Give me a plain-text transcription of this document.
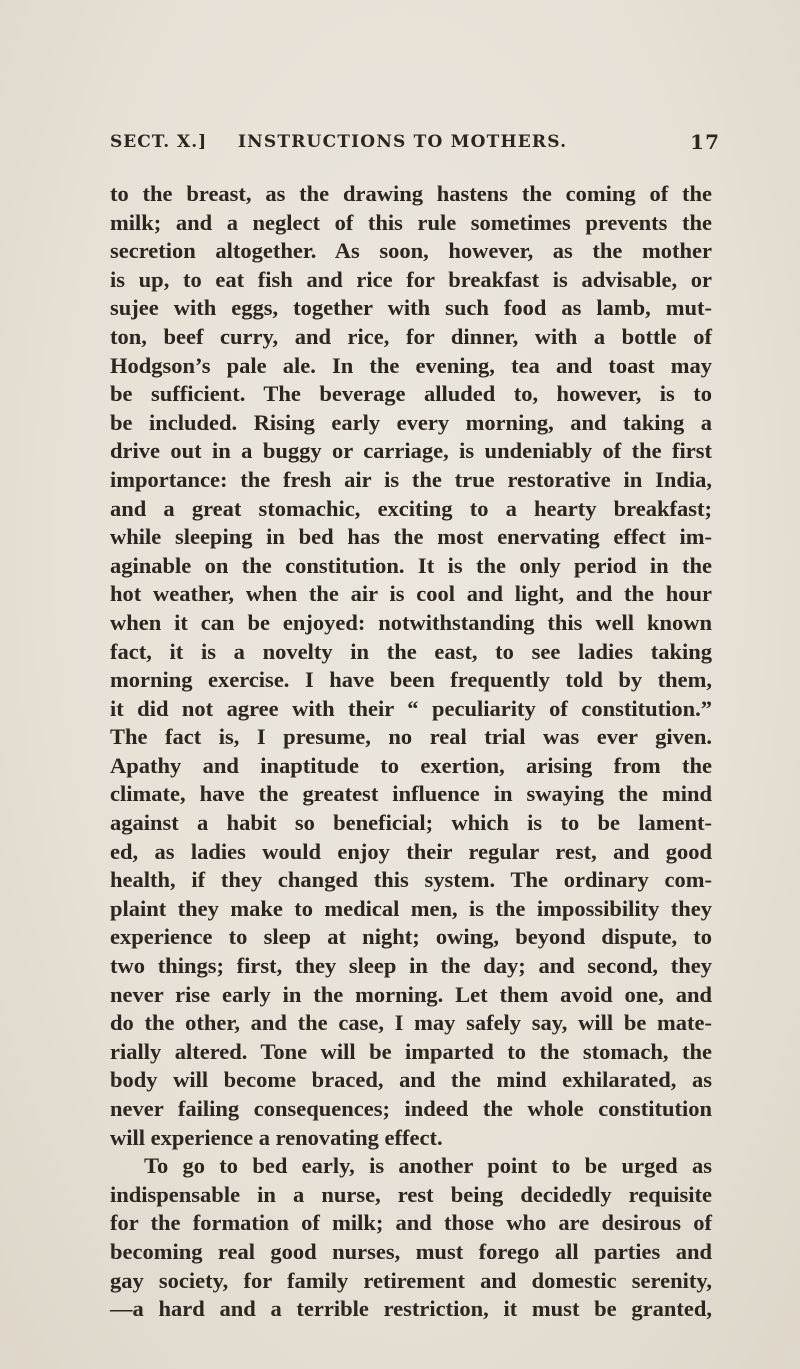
SECT. X.] INSTRUCTIONS TO MOTHERS.	17
to the breast, as the drawing hastens the coming of the
milk; and a neglect of this rule sometimes prevents the
secretion altogether. As soon, however, as the mother
is up, to eat fish and rice for breakfast is advisable, or
sujee with eggs, together with such food as lamb, mut-
ton, beef curry, and rice, for dinner, with a bottle of
Hodgson’s pale ale. In the evening, tea and toast may
be sufficient. The beverage alluded to, however, is to
be included. Rising early every morning, and taking a
drive out in a buggy or carriage, is undeniably of the first
importance: the fresh air is the true restorative in India,
and a great stomachic, exciting to a hearty breakfast;
while sleeping in bed has the most enervating effect im-
aginable on the constitution. It is the only period in the
hot weather, when the air is cool and light, and the hour
when it can be enjoyed: notwithstanding this well known
fact, it is a novelty in the east, to see ladies taking
morning exercise. I have been frequently told by them,
it did not agree with their “ peculiarity of constitution.”
The fact is, I presume, no real trial was ever given.
Apathy and inaptitude to exertion, arising from the
climate, have the greatest influence in swaying the mind
against a habit so beneficial; which is to be lament-
ed, as ladies would enjoy their regular rest, and good
health, if they changed this system. The ordinary com-
plaint they make to medical men, is the impossibility they
experience to sleep at night; owing, beyond dispute, to
two things; first, they sleep in the day; and second, they
never rise early in the morning. Let them avoid one, and
do the other, and the case, I may safely say, will be mate-
rially altered. Tone will be imparted to the stomach, the
body will become braced, and the mind exhilarated, as
never failing consequences; indeed the whole constitution
will experience a renovating effect.
To go to bed early, is another point to be urged as
indispensable in a nurse, rest being decidedly requisite
for the formation of milk; and those who are desirous of
becoming real good nurses, must forego all parties and
gay society, for family retirement and domestic serenity,
—a hard and a terrible restriction, it must be granted,
